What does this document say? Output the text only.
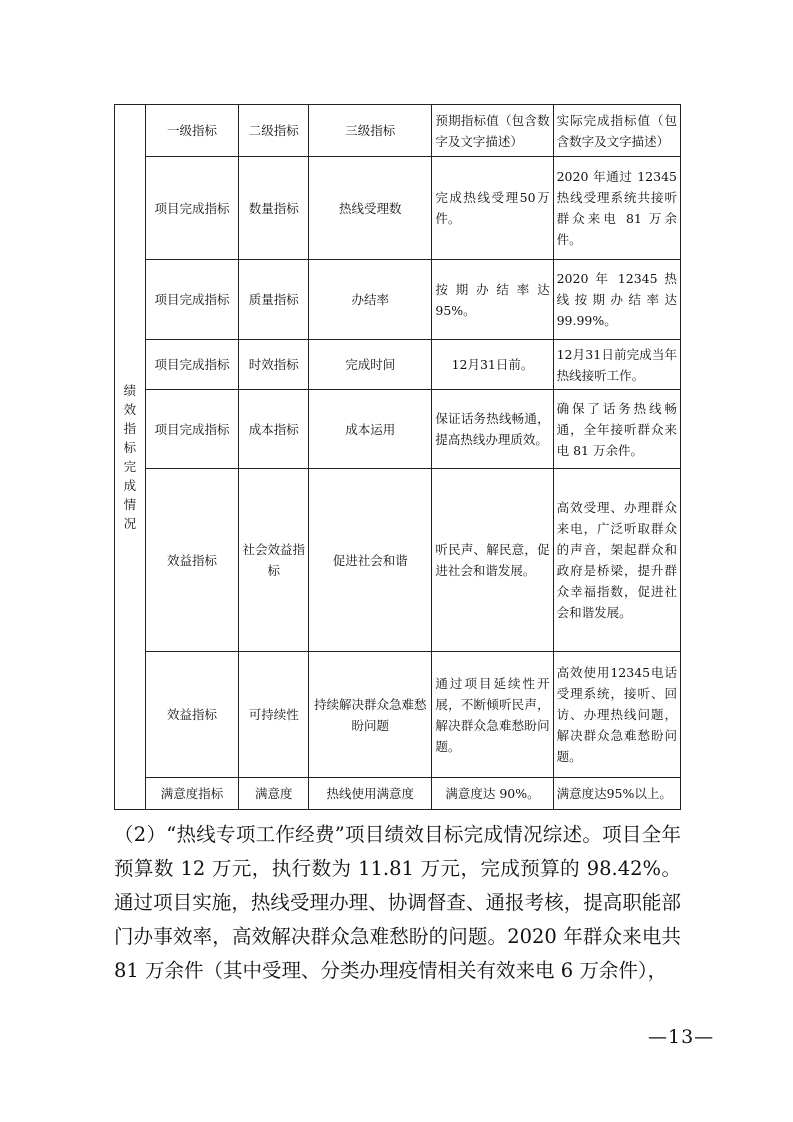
绩效指标完成情况	一级指标	二级指标	三级指标	预期指标值（包含数字及文字描述）	实际完成指标值（包含数字及文字描述）
	项目完成指标	数量指标	热线受理数	完成热线受理50万件。	2020 年通过 12345 热线受理系统共接听群众来电 81 万余件。
	项目完成指标	质量指标	办结率	按期办结率达95%。	2020 年 12345 热线按期办结率达99.99%。
	项目完成指标	时效指标	完成时间	12月31日前。	12月31日前完成当年热线接听工作。
	项目完成指标	成本指标	成本运用	保证话务热线畅通，提高热线办理质效。	确保了话务热线畅通，全年接听群众来电 81 万余件。
	效益指标	社会效益指标	促进社会和谐	听民声、解民意，促进社会和谐发展。	高效受理、办理群众来电，广泛听取群众的声音，架起群众和政府是桥梁，提升群众幸福指数，促进社会和谐发展。
	效益指标	可持续性	持续解决群众急难愁盼问题	通过项目延续性开展，不断倾听民声，解决群众急难愁盼问题。	高效使用12345电话受理系统，接听、回访、办理热线问题，解决群众急难愁盼问题。
	满意度指标	满意度	热线使用满意度	满意度达 90%。	满意度达95%以上。

（2）“热线专项工作经费”项目绩效目标完成情况综述。项目全年预算数 12 万元，执行数为 11.81 万元，完成预算的 98.42%。通过项目实施，热线受理办理、协调督查、通报考核，提高职能部门办事效率，高效解决群众急难愁盼的问题。2020 年群众来电共 81 万余件（其中受理、分类办理疫情相关有效来电 6 万余件），

—13—
